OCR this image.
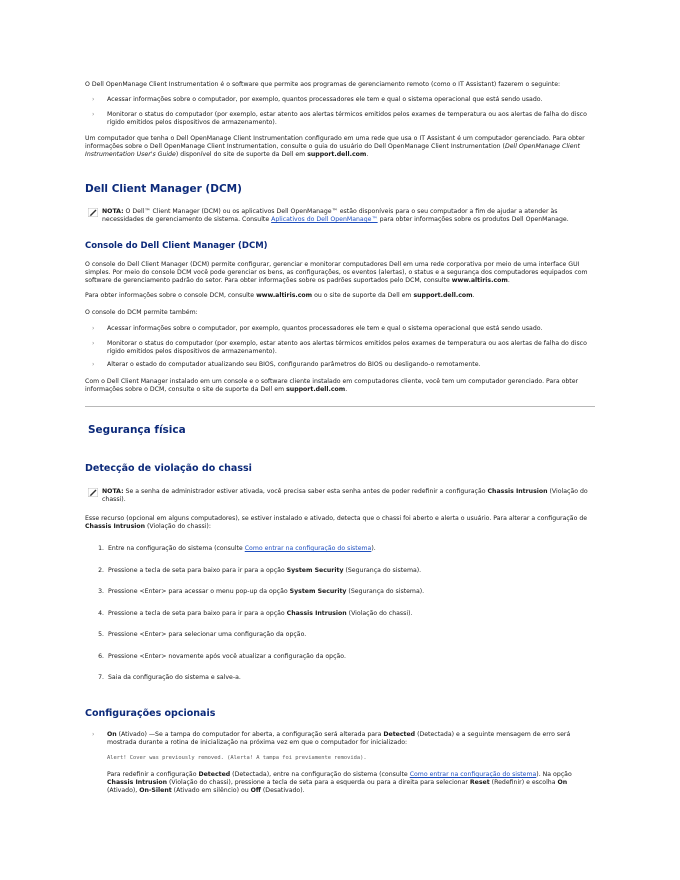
O Dell OpenManage Client Instrumentation é o software que permite aos programas de gerenciamento remoto (como o IT Assistant) fazerem o seguinte:

› Acessar informações sobre o computador, por exemplo, quantos processadores ele tem e qual o sistema operacional que está sendo usado.
› Monitorar o status do computador (por exemplo, estar atento aos alertas térmicos emitidos pelos exames de temperatura ou aos alertas de falha do disco rígido emitidos pelos dispositivos de armazenamento).

Um computador que tenha o Dell OpenManage Client Instrumentation configurado em uma rede que usa o IT Assistant é um computador gerenciado. Para obter informações sobre o Dell OpenManage Client Instrumentation, consulte o guia do usuário do Dell OpenManage Client Instrumentation (Dell OpenManage Client Instrumentation User's Guide) disponível do site de suporte da Dell em support.dell.com.

Dell Client Manager (DCM)
NOTA: O Dell™ Client Manager (DCM) ou os aplicativos Dell OpenManage™ estão disponíveis para o seu computador a fim de ajudar a atender às necessidades de gerenciamento de sistema. Consulte Aplicativos do Dell OpenManage™ para obter informações sobre os produtos Dell OpenManage.
Console do Dell Client Manager (DCM)

O console do Dell Client Manager (DCM) permite configurar, gerenciar e monitorar computadores Dell em uma rede corporativa por meio de uma interface GUI simples. Por meio do console DCM você pode gerenciar os bens, as configurações, os eventos (alertas), o status e a segurança dos computadores equipados com software de gerenciamento padrão do setor. Para obter informações sobre os padrões suportados pelo DCM, consulte www.altiris.com.

Para obter informações sobre o console DCM, consulte www.altiris.com ou o site de suporte da Dell em support.dell.com.

O console do DCM permite também:

› Acessar informações sobre o computador, por exemplo, quantos processadores ele tem e qual o sistema operacional que está sendo usado.
› Monitorar o status do computador (por exemplo, estar atento aos alertas térmicos emitidos pelos exames de temperatura ou aos alertas de falha do disco rígido emitidos pelos dispositivos de armazenamento).
› Alterar o estado do computador atualizando seu BIOS, configurando parâmetros do BIOS ou desligando-o remotamente.

Com o Dell Client Manager instalado em um console e o software cliente instalado em computadores cliente, você tem um computador gerenciado. Para obter informações sobre o DCM, consulte o site de suporte da Dell em support.dell.com.

Segurança física
Detecção de violação do chassi
NOTA: Se a senha de administrador estiver ativada, você precisa saber esta senha antes de poder redefinir a configuração Chassis Intrusion (Violação do chassi).

Esse recurso (opcional em alguns computadores), se estiver instalado e ativado, detecta que o chassi foi aberto e alerta o usuário. Para alterar a configuração de Chassis Intrusion (Violação do chassi):

1. Entre na configuração do sistema (consulte Como entrar na configuração do sistema).
2. Pressione a tecla de seta para baixo para ir para a opção System Security (Segurança do sistema).
3. Pressione <Enter> para acessar o menu pop-up da opção System Security (Segurança do sistema).
4. Pressione a tecla de seta para baixo para ir para a opção Chassis Intrusion (Violação do chassi).
5. Pressione <Enter> para selecionar uma configuração da opção.
6. Pressione <Enter> novamente após você atualizar a configuração da opção.
7. Saia da configuração do sistema e salve-a.
Configurações opcionais
› On (Ativado) —Se a tampa do computador for aberta, a configuração será alterada para Detected (Detectada) e a seguinte mensagem de erro será mostrada durante a rotina de inicialização na próxima vez em que o computador for inicializado:
Alert! Cover was previously removed. (Alerta! A tampa foi previamente removida).

Para redefinir a configuração Detected (Detectada), entre na configuração do sistema (consulte Como entrar na configuração do sistema). Na opção Chassis Intrusion (Violação do chassi), pressione a tecla de seta para a esquerda ou para a direita para selecionar Reset (Redefinir) e escolha On (Ativado), On-Silent (Ativado em silêncio) ou Off (Desativado).
